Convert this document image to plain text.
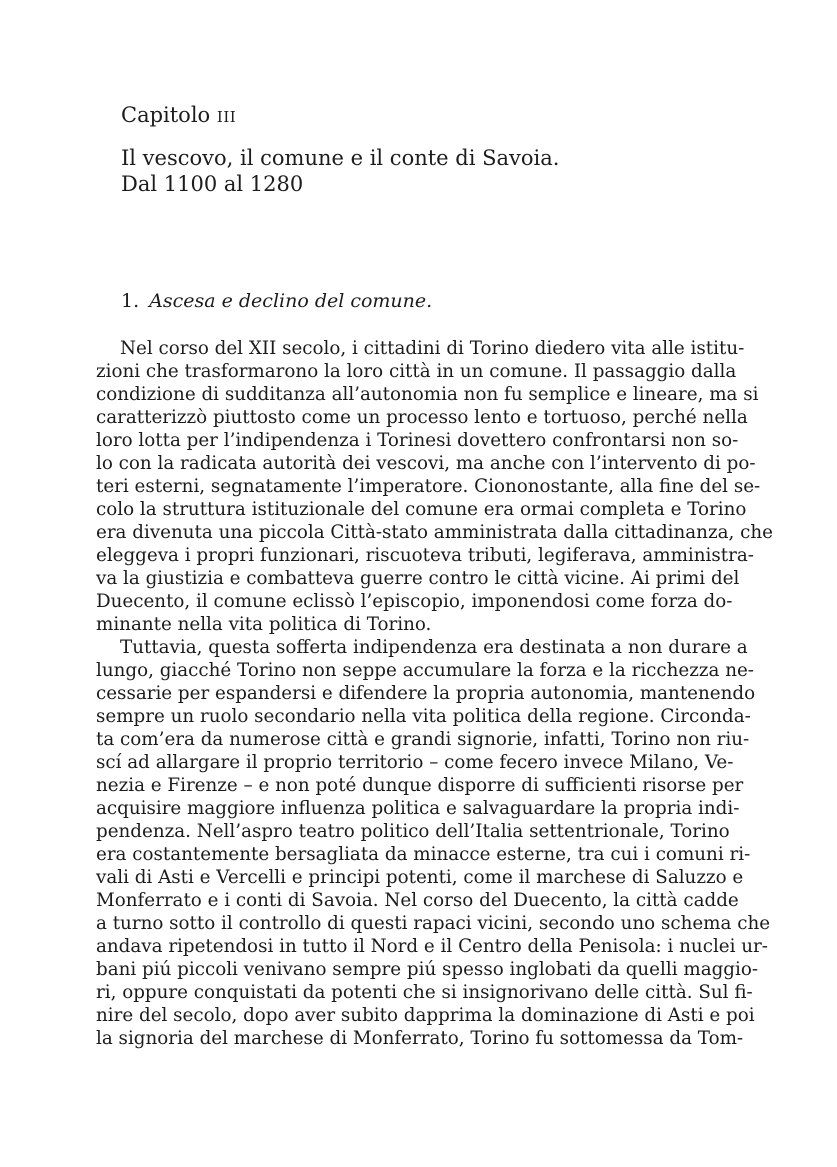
Capitolo iii
Il vescovo, il comune e il conte di Savoia.
Dal 1100 al 1280
1. Ascesa e declino del comune.
Nel corso del XII secolo, i cittadini di Torino diedero vita alle istitu-
zioni che trasformarono la loro città in un comune. Il passaggio dalla
condizione di sudditanza all’autonomia non fu semplice e lineare, ma si
caratterizzò piuttosto come un processo lento e tortuoso, perché nella
loro lotta per l’indipendenza i Torinesi dovettero confrontarsi non so-
lo con la radicata autorità dei vescovi, ma anche con l’intervento di po-
teri esterni, segnatamente l’imperatore. Ciononostante, alla fine del se-
colo la struttura istituzionale del comune era ormai completa e Torino
era divenuta una piccola Città-stato amministrata dalla cittadinanza, che
eleggeva i propri funzionari, riscuoteva tributi, legiferava, amministra-
va la giustizia e combatteva guerre contro le città vicine. Ai primi del
Duecento, il comune eclissò l’episcopio, imponendosi come forza do-
minante nella vita politica di Torino.
Tuttavia, questa sofferta indipendenza era destinata a non durare a
lungo, giacché Torino non seppe accumulare la forza e la ricchezza ne-
cessarie per espandersi e difendere la propria autonomia, mantenendo
sempre un ruolo secondario nella vita politica della regione. Circonda-
ta com’era da numerose città e grandi signorie, infatti, Torino non riu-
scí ad allargare il proprio territorio – come fecero invece Milano, Ve-
nezia e Firenze – e non poté dunque disporre di sufficienti risorse per
acquisire maggiore influenza politica e salvaguardare la propria indi-
pendenza. Nell’aspro teatro politico dell’Italia settentrionale, Torino
era costantemente bersagliata da minacce esterne, tra cui i comuni ri-
vali di Asti e Vercelli e principi potenti, come il marchese di Saluzzo e
Monferrato e i conti di Savoia. Nel corso del Duecento, la città cadde
a turno sotto il controllo di questi rapaci vicini, secondo uno schema che
andava ripetendosi in tutto il Nord e il Centro della Penisola: i nuclei ur-
bani piú piccoli venivano sempre piú spesso inglobati da quelli maggio-
ri, oppure conquistati da potenti che si insignorivano delle città. Sul fi-
nire del secolo, dopo aver subito dapprima la dominazione di Asti e poi
la signoria del marchese di Monferrato, Torino fu sottomessa da Tom-
